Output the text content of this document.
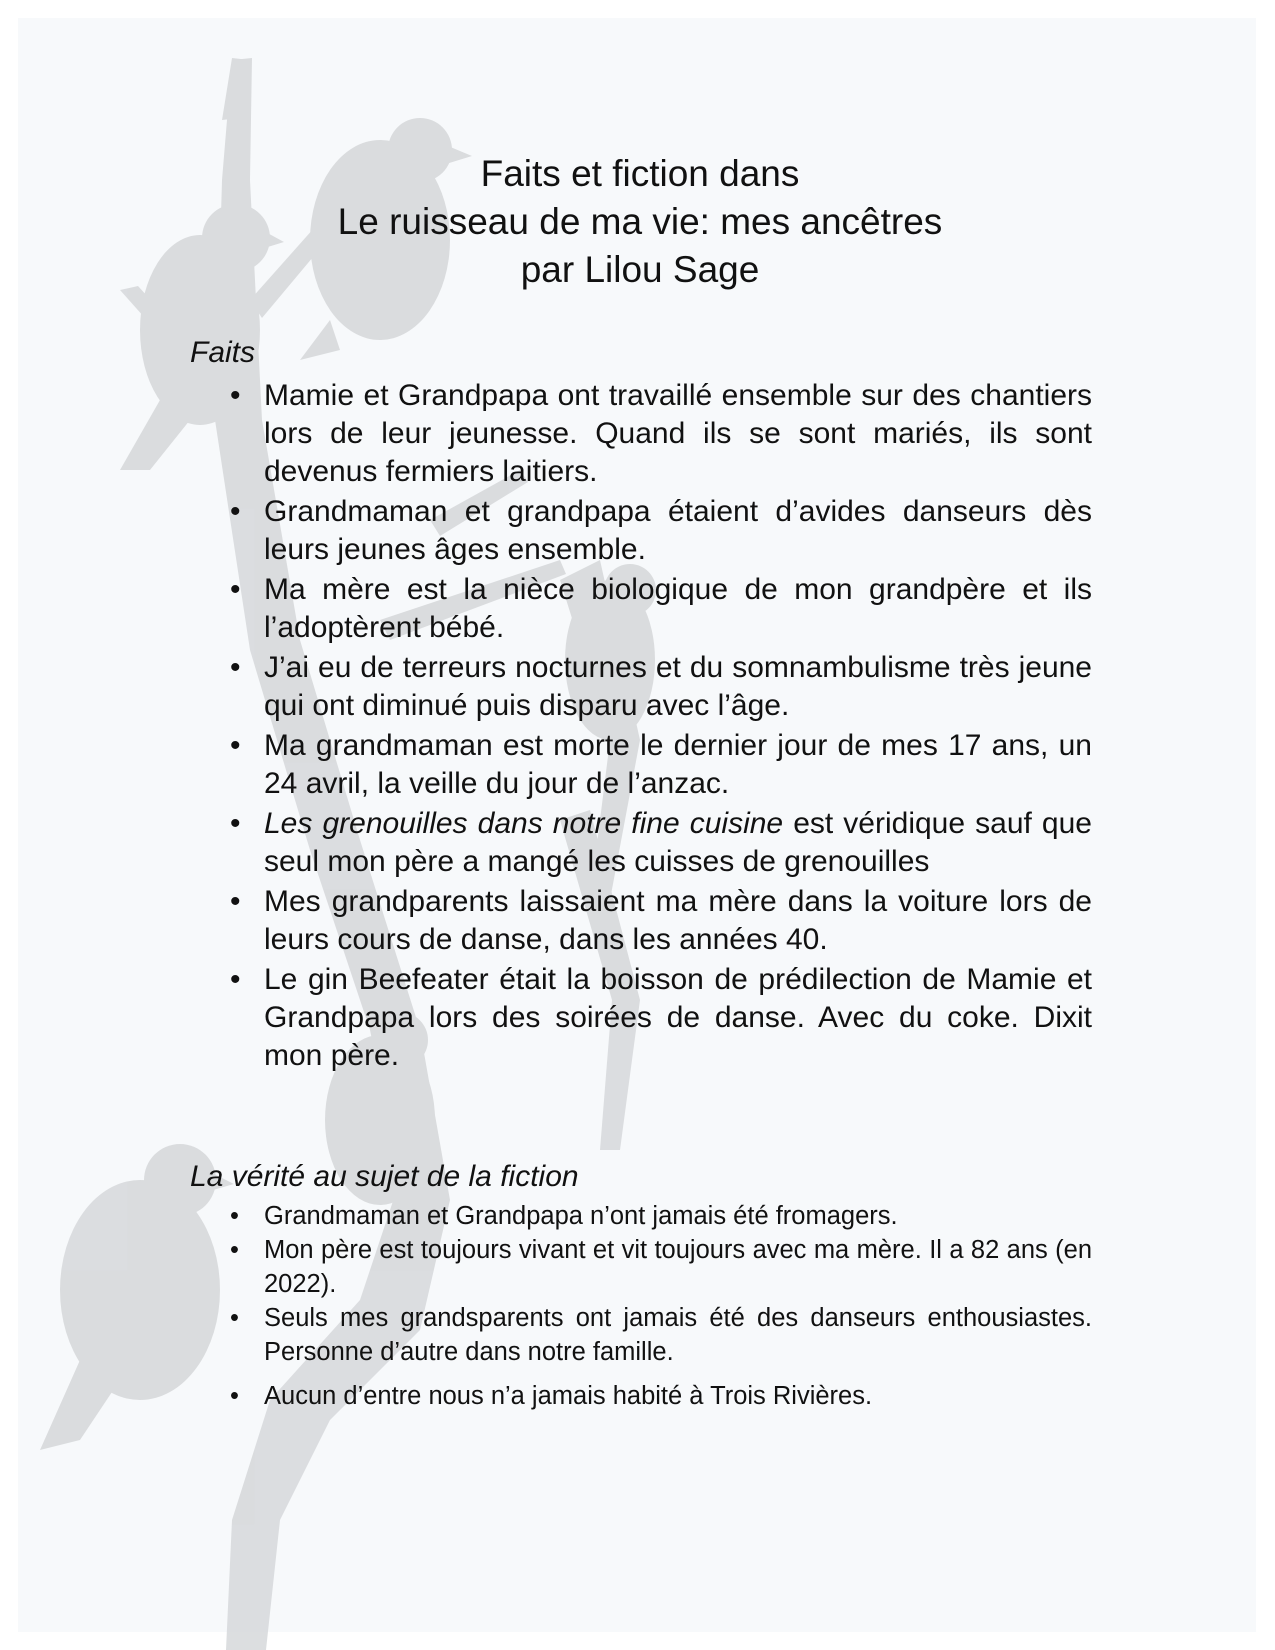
Faits et fiction dans
Le ruisseau de ma vie: mes ancêtres
par Lilou Sage
Faits
• Mamie et Grandpapa ont travaillé ensemble sur des chantiers lors de leur jeunesse. Quand ils se sont mariés, ils sont devenus fermiers laitiers.
• Grandmaman et grandpapa étaient d’avides danseurs dès leurs jeunes âges ensemble.
• Ma mère est la nièce biologique de mon grandpère et ils l’adoptèrent bébé.
• J’ai eu de terreurs nocturnes et du somnambulisme très jeune qui ont diminué puis disparu avec l’âge.
• Ma grandmaman est morte le dernier jour de mes 17 ans, un 24 avril, la veille du jour de l’anzac.
• Les grenouilles dans notre fine cuisine est véridique sauf que seul mon père a mangé les cuisses de grenouilles
• Mes grandparents laissaient ma mère dans la voiture lors de leurs cours de danse, dans les années 40.
• Le gin Beefeater était la boisson de prédilection de Mamie et Grandpapa lors des soirées de danse. Avec du coke. Dixit mon père.
La vérité au sujet de la fiction
• Grandmaman et Grandpapa n’ont jamais été fromagers.
• Mon père est toujours vivant et vit toujours avec ma mère. Il a 82 ans (en 2022).
• Seuls mes grandsparents ont jamais été des danseurs enthousiastes. Personne d’autre dans notre famille.
• Aucun d’entre nous n’a jamais habité à Trois Rivières.
